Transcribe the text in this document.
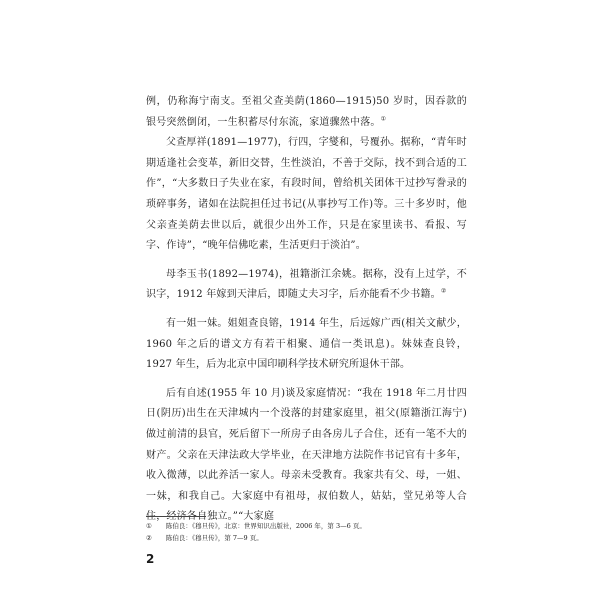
例，仍称海宁南支。至祖父查美荫(1860—1915)50 岁时，因吞款的银号突然倒闭，一生积蓄尽付东流，家道骤然中落。①

父查厚祥(1891—1977)，行四，字燮和，号覆孙。据称，“青年时期适逢社会变革，新旧交替，生性淡泊，不善于交际，找不到合适的工作”，“大多数日子失业在家，有段时间，曾给机关团体干过抄写誊录的琐碎事务，诸如在法院担任过书记(从事抄写工作)等。三十多岁时，他父亲查美荫去世以后，就很少出外工作，只是在家里读书、看报、写字、作诗”，“晚年信佛吃素，生活更归于淡泊”。

母李玉书(1892—1974)，祖籍浙江余姚。据称，没有上过学，不识字，1912 年嫁到天津后，即随丈夫习字，后亦能看不少书籍。②

有一姐一妹。姐姐查良镕，1914 年生，后远嫁广西(相关文献少，1960 年之后的谱文方有若干相聚、通信一类讯息)。妹妹查良铃，1927 年生，后为北京中国印刷科学技术研究所退休干部。

后有自述(1955 年 10 月)谈及家庭情况：“我在 1918 年二月廿四日(阴历)出生在天津城内一个没落的封建家庭里，祖父(原籍浙江海宁)做过前清的县官，死后留下一所房子由各房儿子合住，还有一笔不大的财产。父亲在天津法政大学毕业，在天津地方法院作书记官有十多年，收入微薄，以此养活一家人。母亲未受教育。我家共有父、母，一姐、一妹，和我自己。大家庭中有祖母，叔伯数人，姑姑，堂兄弟等人合住，经济各自独立。”“大家庭

① 陈伯良：《穆旦传》，北京：世界知识出版社，2006 年，第 3—6 页。
② 陈伯良：《穆旦传》，第 7—9 页。
2
